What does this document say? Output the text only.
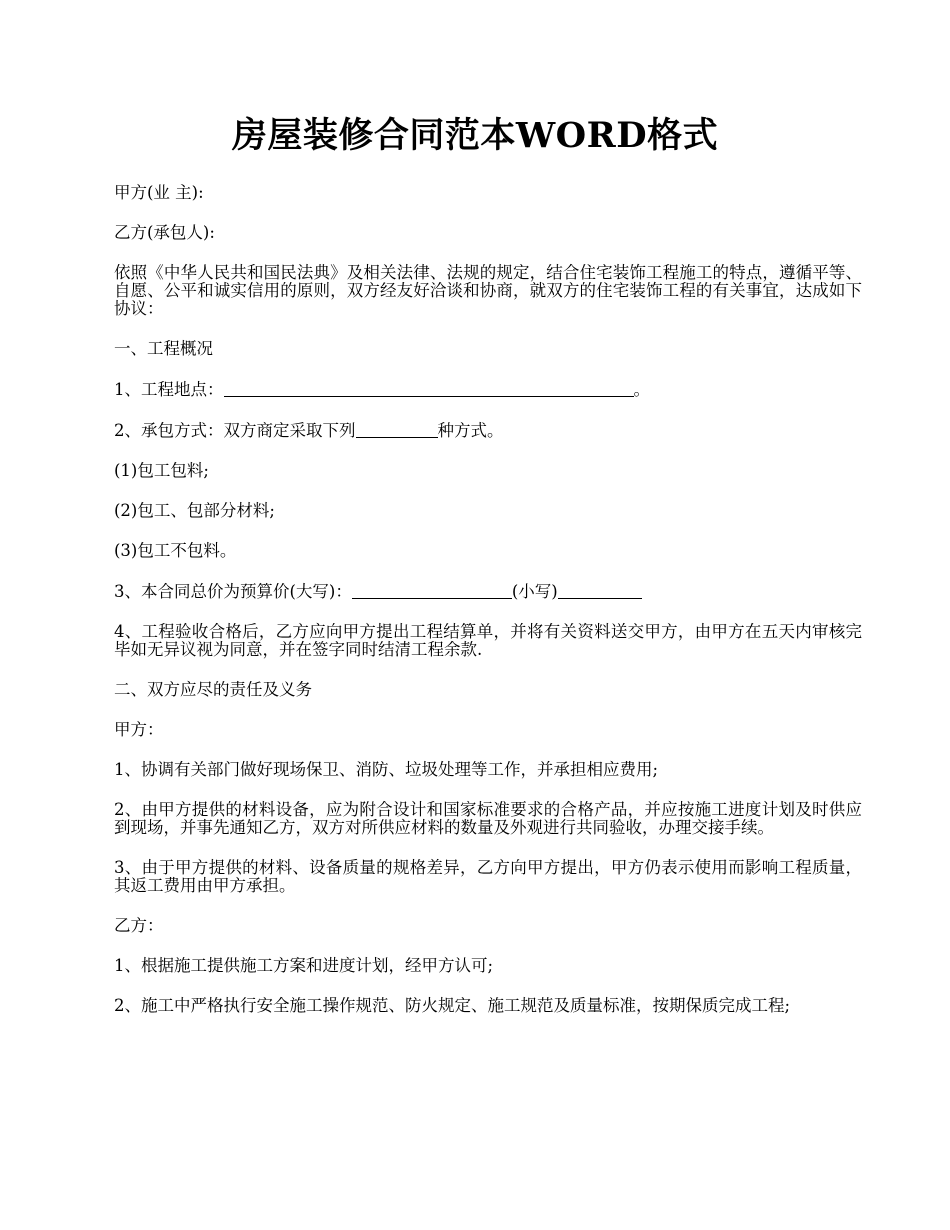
房屋装修合同范本WORD格式

甲方(业 主):

乙方(承包人):

依照《中华人民共和国民法典》及相关法律、法规的规定，结合住宅装饰工程施工的特点，遵循平等、自愿、公平和诚实信用的原则，双方经友好洽谈和协商，就双方的住宅装饰工程的有关事宜，达成如下协议：

一、工程概况

1、工程地点：	。

2、承包方式：双方商定采取下列	种方式。

(1)包工包料;

(2)包工、包部分材料;

(3)包工不包料。

3、本合同总价为预算价(大写)：	(小写)

4、工程验收合格后，乙方应向甲方提出工程结算单，并将有关资料送交甲方，由甲方在五天内审核完毕如无异议视为同意，并在签字同时结清工程余款.

二、双方应尽的责任及义务

甲方：

1、协调有关部门做好现场保卫、消防、垃圾处理等工作，并承担相应费用;

2、由甲方提供的材料设备，应为附合设计和国家标准要求的合格产品，并应按施工进度计划及时供应到现场，并事先通知乙方，双方对所供应材料的数量及外观进行共同验收，办理交接手续。

3、由于甲方提供的材料、设备质量的规格差异，乙方向甲方提出，甲方仍表示使用而影响工程质量，其返工费用由甲方承担。

乙方：

1、根据施工提供施工方案和进度计划，经甲方认可;

2、施工中严格执行安全施工操作规范、防火规定、施工规范及质量标准，按期保质完成工程;
